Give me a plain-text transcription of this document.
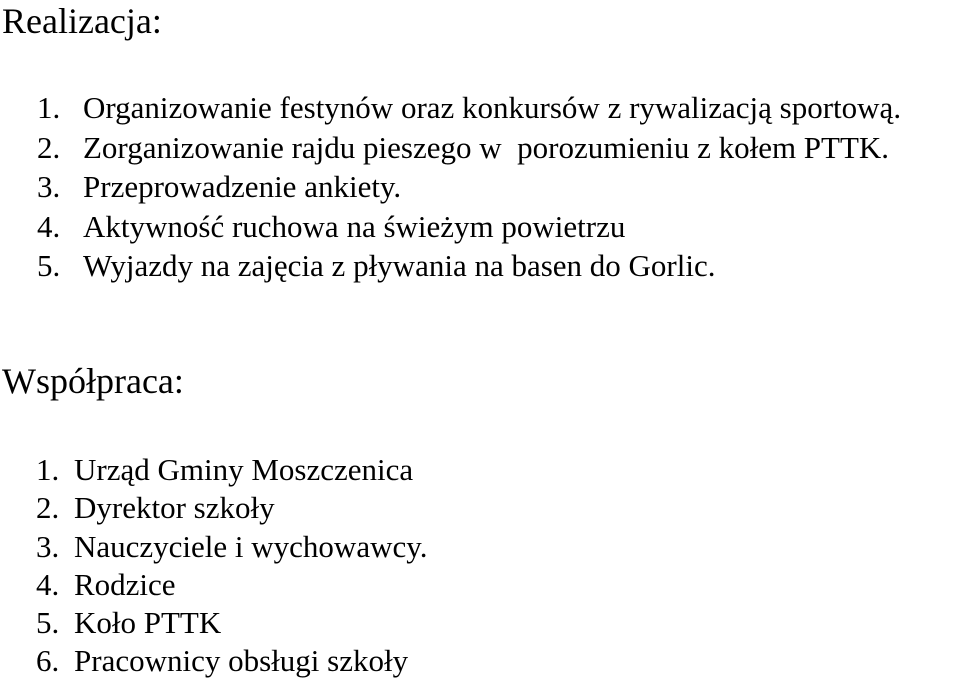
Realizacja:
1. Organizowanie festynów oraz konkursów z rywalizacją sportową.
2. Zorganizowanie rajdu pieszego w  porozumieniu z kołem PTTK.
3. Przeprowadzenie ankiety.
4. Aktywność ruchowa na świeżym powietrzu
5. Wyjazdy na zajęcia z pływania na basen do Gorlic.
Współpraca:
1. Urząd Gminy Moszczenica
2. Dyrektor szkoły
3. Nauczyciele i wychowawcy.
4. Rodzice
5. Koło PTTK
6. Pracownicy obsługi szkoły
